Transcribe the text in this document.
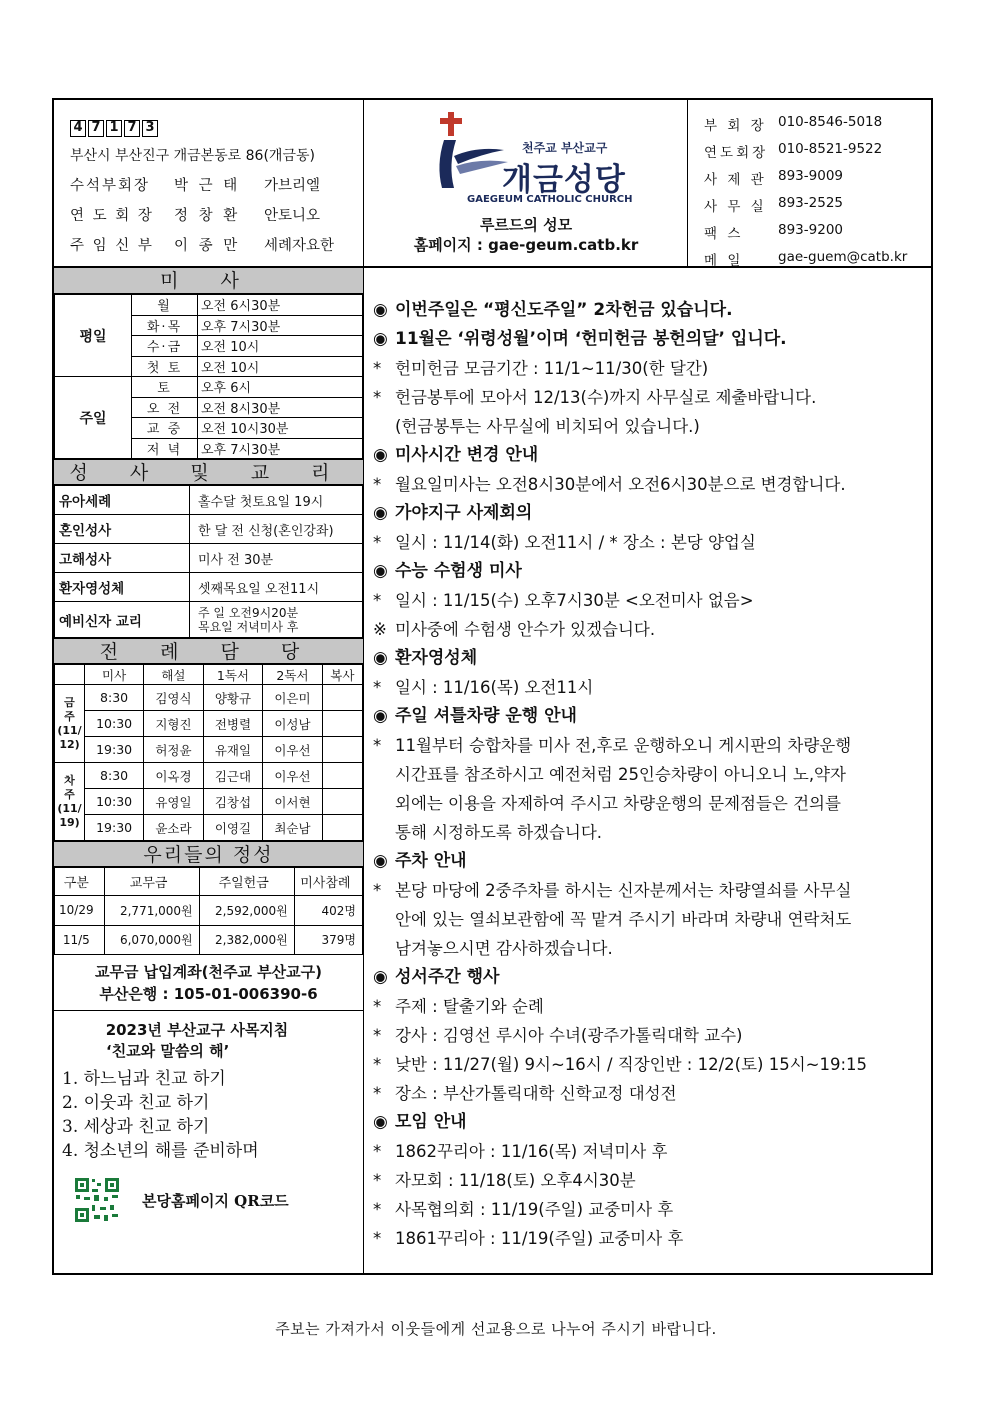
4 7 1 7 3
부산시 부산진구 개금본동로 86(개금동)
수석부회장	박 근 태	가브리엘
연 도 회 장	정 창 환	안토니오
주 임 신 부	이 종 만	세례자요한
천주교 부산교구
개금성당
GAEGEUM CATHOLIC CHURCH
루르드의 성모
홈페이지 : gae-geum.catb.kr
부 회 장 010-8546-5018
연도회장 010-8521-9522
사 제 관 893-9009
사 무 실 893-2525
팩 스	893-9200
메 일	gae-guem@catb.kr
미 사
평일	월	오전 6시30분
	화·목	오후 7시30분
	수·금	오전 10시
	첫 토	오전 10시
주일	토	오후 6시
	오 전	오전 8시30분
	교 중	오전 10시30분
	저 녁	오후 7시30분
성 사 및 교 리
유아세례	홀수달 첫토요일 19시

혼인성사	한 달 전 신청(혼인강좌)

고해성사	미사 전 30분

환자영성체	셋째목요일 오전11시

예비신자 교리	주 일 오전9시20분
목요일 저녁미사 후
전 례 담 당
	미사	해설	1독서	2독서	복사

금
주
(11/
12)	8:30	김영식	양황규	이은미	
	10:30	지형진	전병렬	이성남	
	19:30	허정윤	유재일	이우선	

차
주
(11/
19)	8:30	이옥경	김근대	이우선	
	10:30	유영일	김창섭	이서현	
	19:30	윤소라	이영길	최순남	
우리들의 정성
구분	교무금	주일헌금	미사참례
10/29	2,771,000원	2,592,000원	402명
11/5	6,070,000원	2,382,000원	379명
교무금 납입계좌(천주교 부산교구)
부산은행 : 105-01-006390-6
2023년 부산교구 사목지침
‘친교와 말씀의 해’
1. 하느님과 친교 하기
2. 이웃과 친교 하기
3. 세상과 친교 하기
4. 청소년의 해를 준비하며
본당홈페이지 QR코드
◉ 이번주일은 “평신도주일” 2차헌금 있습니다.
◉ 11월은 ‘위령성월’이며 ‘헌미헌금 봉헌의달’ 입니다.
* 헌미헌금 모금기간 : 11/1~11/30(한 달간)
* 헌금봉투에 모아서 12/13(수)까지 사무실로 제출바랍니다.
(헌금봉투는 사무실에 비치되어 있습니다.)
◉ 미사시간 변경 안내
* 월요일미사는 오전8시30분에서 오전6시30분으로 변경합니다.
◉ 가야지구 사제회의
* 일시 : 11/14(화) 오전11시 / * 장소 : 본당 양업실
◉ 수능 수험생 미사
* 일시 : 11/15(수) 오후7시30분 <오전미사 없음>
※ 미사중에 수험생 안수가 있겠습니다.
◉ 환자영성체
* 일시 : 11/16(목) 오전11시
◉ 주일 셔틀차량 운행 안내
* 11월부터 승합차를 미사 전,후로 운행하오니 게시판의 차량운행
시간표를 참조하시고 예전처럼 25인승차량이 아니오니 노,약자
외에는 이용을 자제하여 주시고 차량운행의 문제점들은 건의를
통해 시정하도록 하겠습니다.
◉ 주차 안내
* 본당 마당에 2중주차를 하시는 신자분께서는 차량열쇠를 사무실
안에 있는 열쇠보관함에 꼭 맡겨 주시기 바라며 차량내 연락처도
남겨놓으시면 감사하겠습니다.
◉ 성서주간 행사
* 주제 : 탈출기와 순례
* 강사 : 김영선 루시아 수녀(광주가톨릭대학 교수)
* 낮반 : 11/27(월) 9시~16시 / 직장인반 : 12/2(토) 15시~19:15
* 장소 : 부산가톨릭대학 신학교정 대성전
◉ 모임 안내
* 1862꾸리아 : 11/16(목) 저녁미사 후
* 자모회 : 11/18(토) 오후4시30분
* 사목협의회 : 11/19(주일) 교중미사 후
* 1861꾸리아 : 11/19(주일) 교중미사 후
주보는 가져가서 이웃들에게 선교용으로 나누어 주시기 바랍니다.
